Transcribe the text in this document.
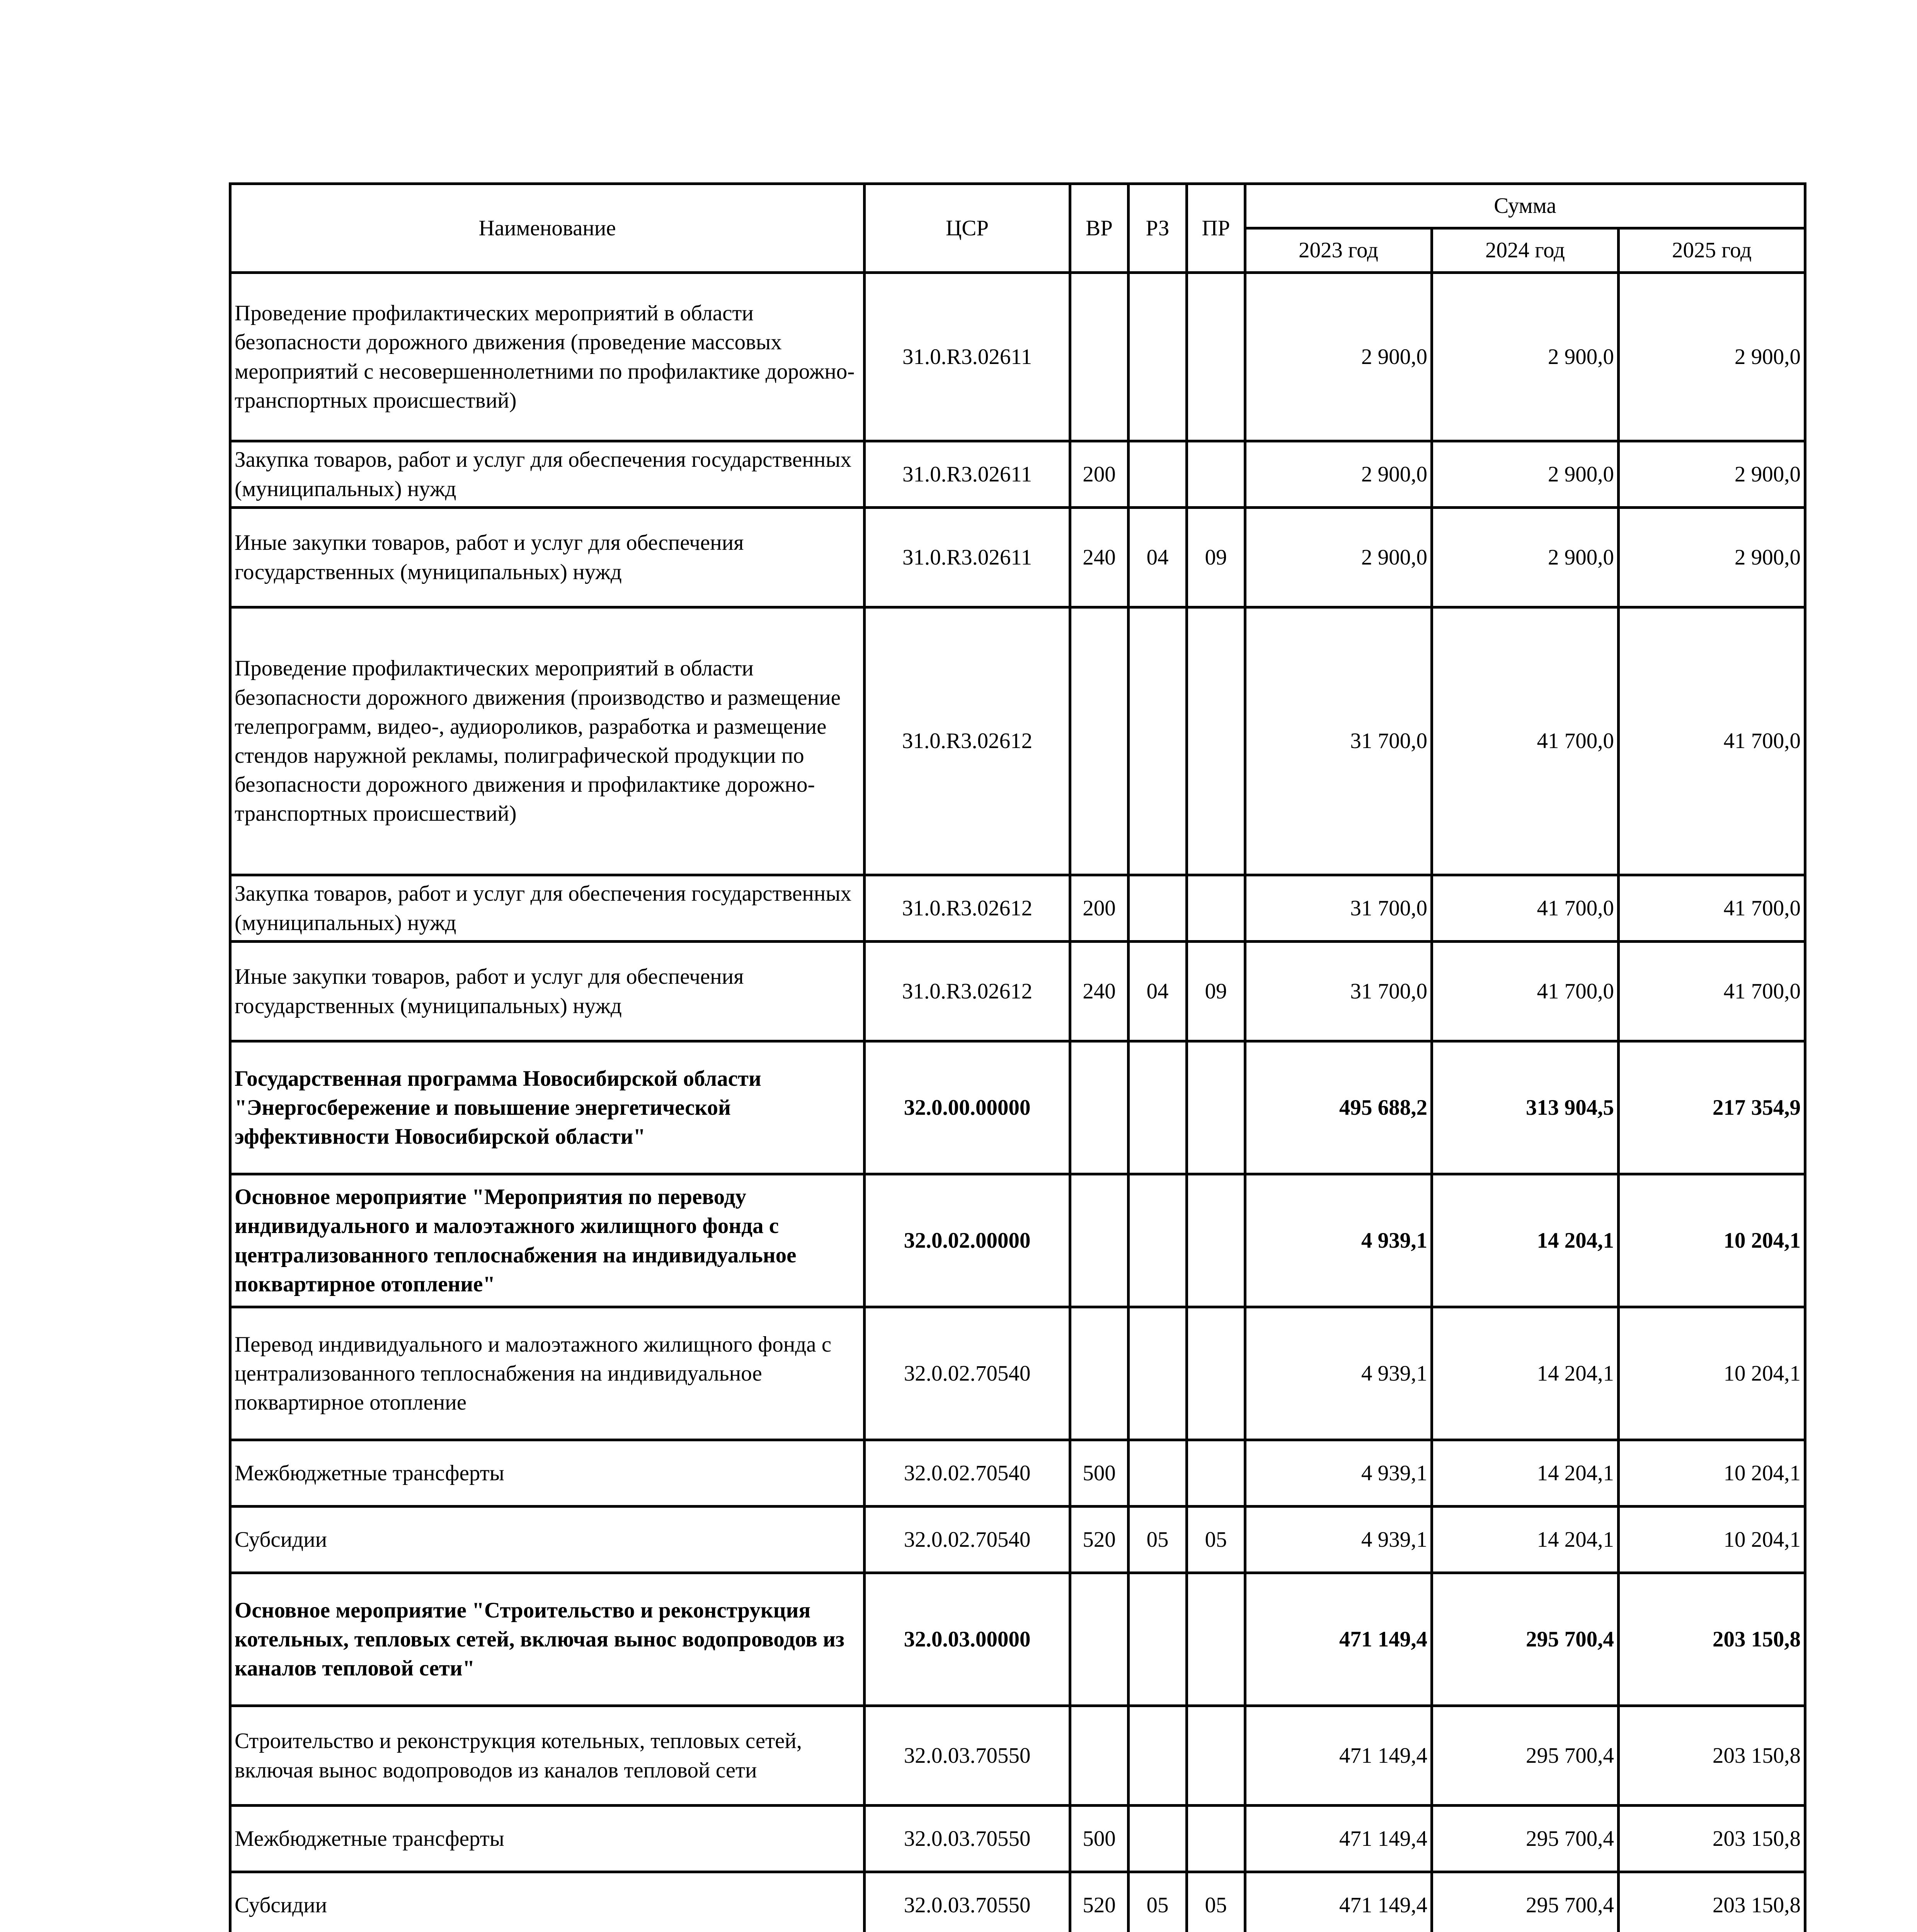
Наименование	ЦСР	ВР	РЗ	ПР	Сумма		
					2023 год	2024 год	2025 год
Проведение профилактических мероприятий в области безопасности дорожного движения (проведение массовых мероприятий с несовершеннолетними по профилактике дорожно-транспортных происшествий)	31.0.R3.02611				2 900,0	2 900,0	2 900,0
Закупка товаров, работ и услуг для обеспечения государственных (муниципальных) нужд	31.0.R3.02611	200			2 900,0	2 900,0	2 900,0
Иные закупки товаров, работ и услуг для обеспечения государственных (муниципальных) нужд	31.0.R3.02611	240	04	09	2 900,0	2 900,0	2 900,0
Проведение профилактических мероприятий в области безопасности дорожного движения (производство и размещение телепрограмм, видео-, аудиороликов, разработка и размещение стендов наружной рекламы, полиграфической продукции по безопасности дорожного движения и профилактике дорожно-транспортных происшествий)	31.0.R3.02612				31 700,0	41 700,0	41 700,0
Закупка товаров, работ и услуг для обеспечения государственных (муниципальных) нужд	31.0.R3.02612	200			31 700,0	41 700,0	41 700,0
Иные закупки товаров, работ и услуг для обеспечения государственных (муниципальных) нужд	31.0.R3.02612	240	04	09	31 700,0	41 700,0	41 700,0
Государственная программа Новосибирской области "Энергосбережение и повышение энергетической эффективности Новосибирской области"	32.0.00.00000				495 688,2	313 904,5	217 354,9
Основное мероприятие "Мероприятия по переводу индивидуального и малоэтажного жилищного фонда с централизованного теплоснабжения на индивидуальное поквартирное отопление"	32.0.02.00000				4 939,1	14 204,1	10 204,1
Перевод индивидуального и малоэтажного жилищного фонда с централизованного теплоснабжения на индивидуальное поквартирное отопление	32.0.02.70540				4 939,1	14 204,1	10 204,1
Межбюджетные трансферты	32.0.02.70540	500			4 939,1	14 204,1	10 204,1
Субсидии	32.0.02.70540	520	05	05	4 939,1	14 204,1	10 204,1
Основное мероприятие "Строительство и реконструкция котельных, тепловых сетей, включая вынос водопроводов из каналов тепловой сети"	32.0.03.00000				471 149,4	295 700,4	203 150,8
Строительство и реконструкция котельных, тепловых сетей, включая вынос водопроводов из каналов тепловой сети	32.0.03.70550				471 149,4	295 700,4	203 150,8
Межбюджетные трансферты	32.0.03.70550	500			471 149,4	295 700,4	203 150,8
Субсидии	32.0.03.70550	520	05	05	471 149,4	295 700,4	203 150,8
